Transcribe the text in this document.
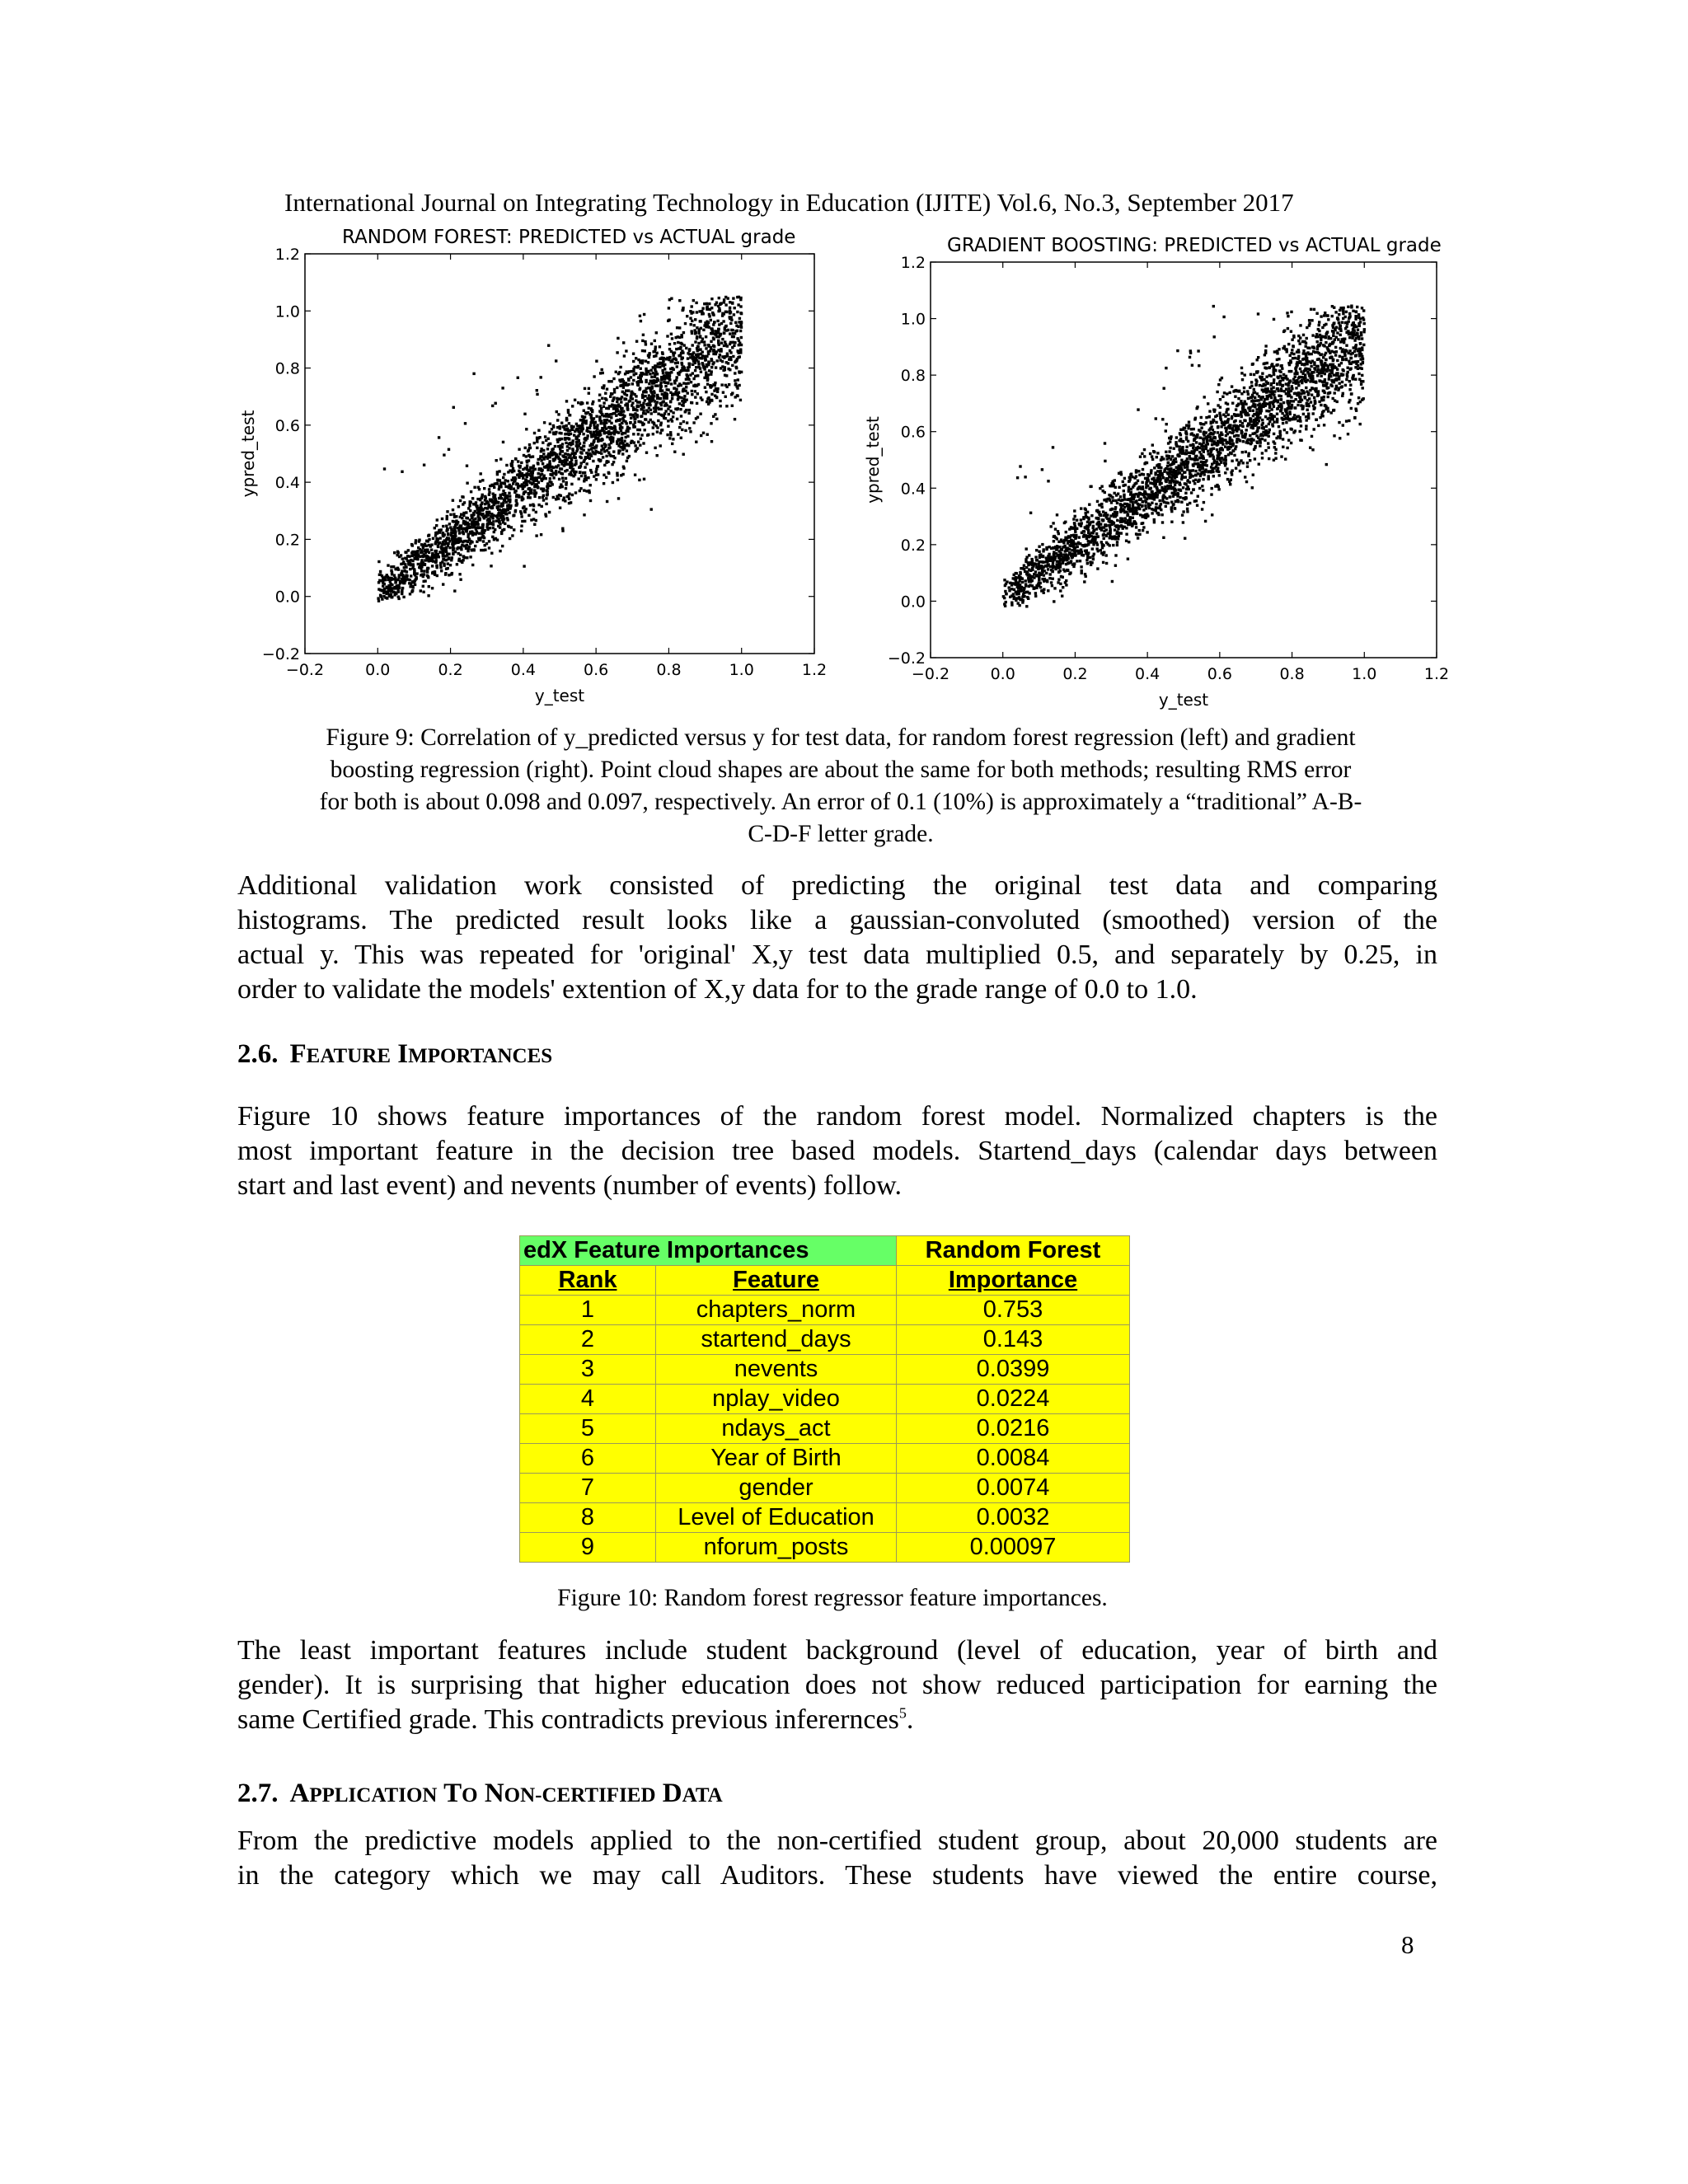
International Journal on Integrating Technology in Education (IJITE) Vol.6, No.3, September 2017
RANDOM FOREST: PREDICTED vs ACTUAL grade
−0.2	0.0	0.2	0.4	0.6	0.8	1.0	1.2
−0.2
0.0
0.2
0.4
0.6
0.8
1.0
1.2
y_test
ypred_test
GRADIENT BOOSTING: PREDICTED vs ACTUAL grade
−0.2	0.0	0.2	0.4	0.6	0.8	1.0	1.2
−0.2
0.0
0.2
0.4
0.6
0.8
1.0
1.2
y_test
ypred_test
Figure 9: Correlation of y_predicted versus y for test data, for random forest regression (left) and gradient
boosting regression (right). Point cloud shapes are about the same for both methods; resulting RMS error
for both is about 0.098 and 0.097, respectively. An error of 0.1 (10%) is approximately a “traditional” A-B-
C-D-F letter grade.
Additional validation work consisted of predicting the original test data and comparing
histograms. The predicted result looks like a gaussian-convoluted (smoothed) version of the
actual y. This was repeated for 'original' X,y test data multiplied 0.5, and separately by 0.25, in
order to validate the models' extention of X,y data for to the grade range of 0.0 to 1.0.
2.6. FEATURE IMPORTANCES
Figure 10 shows feature importances of the random forest model. Normalized chapters is the
most important feature in the decision tree based models. Startend_days (calendar days between
start and last event) and nevents (number of events) follow.
edX Feature Importances		Random Forest
Rank	Feature	Importance
1	chapters_norm	0.753
2	startend_days	0.143
3	nevents	0.0399
4	nplay_video	0.0224
5	ndays_act	0.0216
6	Year of Birth	0.0084
7	gender	0.0074
8	Level of Education	0.0032
9	nforum_posts	0.00097
Figure 10: Random forest regressor feature importances.
The least important features include student background (level of education, year of birth and
gender). It is surprising that higher education does not show reduced participation for earning the
same Certified grade. This contradicts previous inferernces$^5$.
2.7. APPLICATION TO NON-CERTIFIED DATA
From the predictive models applied to the non-certified student group, about 20,000 students are
in the category which we may call Auditors. These students have viewed the entire course,
8
